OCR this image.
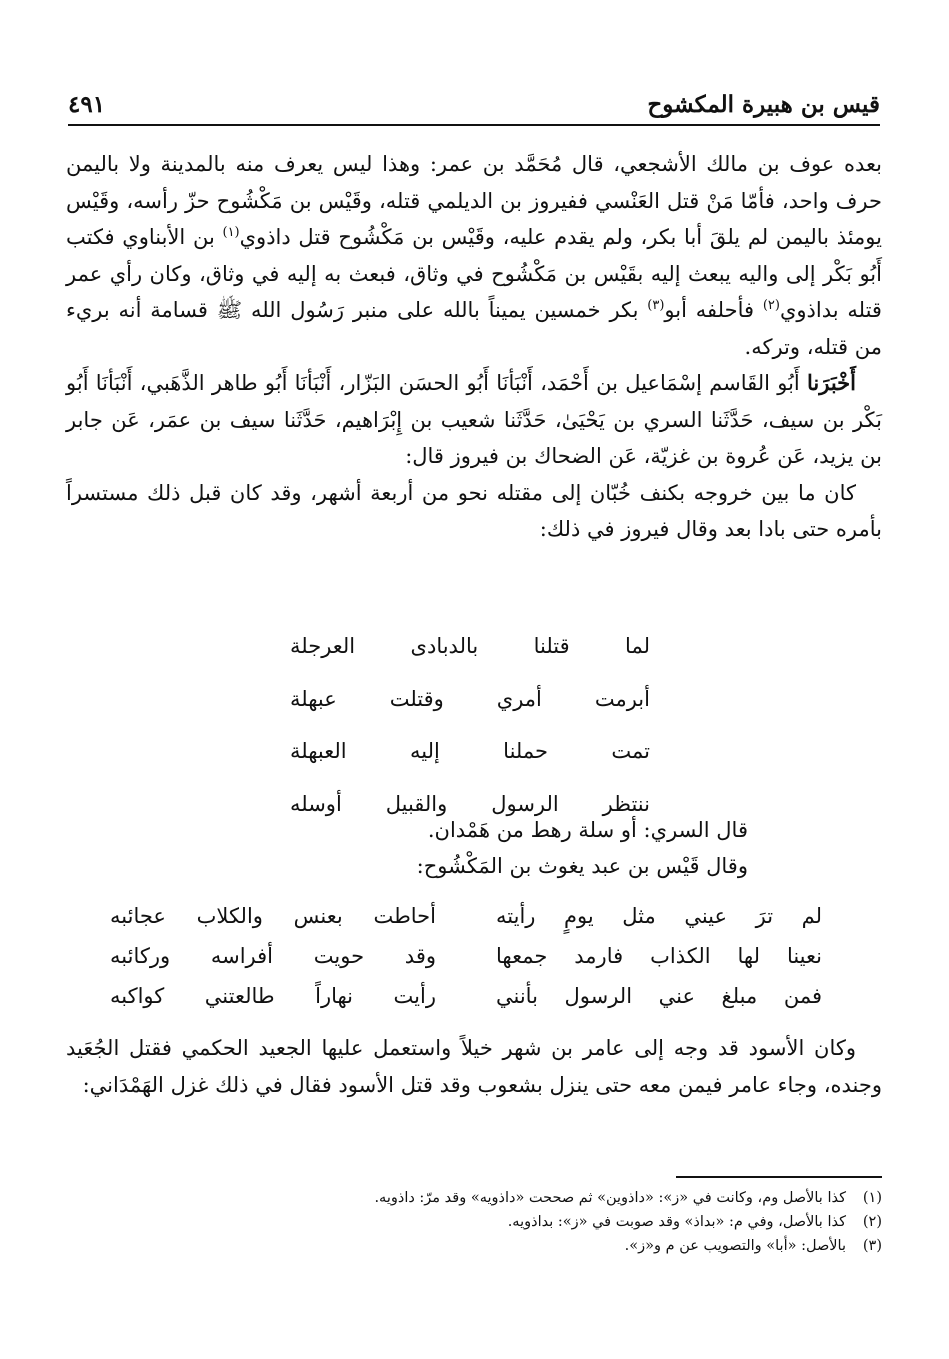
قيس بن هبيرة المكشوح
٤٩١

بعده عوف بن مالك الأشجعي، قال مُحَمَّد بن عمر: وهذا ليس يعرف منه بالمدينة ولا باليمن حرف واحد، فأمّا مَنْ قتل العَنْسي ففيروز بن الديلمي قتله، وقَيْس بن مَكْشُوح حزّ رأسه، وقَيْس يومئذ باليمن لم يلقَ أبا بكر، ولم يقدم عليه، وقَيْس بن مَكْشُوح قتل داذوي$^{(١)}$ بن الأبناوي فكتب أَبُو بَكْر إلى واليه يبعث إليه بقَيْس بن مَكْشُوح في وثاق، فبعث به إليه في وثاق، وكان رأي عمر قتله بداذوي$^{(٢)}$ فأحلفه أبو$^{(٣)}$ بكر خمسين يميناً بالله على منبر رَسُول الله ﷺ قسامة أنه بريء من قتله، وتركه.

أَخْبَرَنا أَبُو القَاسم إسْمَاعيل بن أَحْمَد، أَنْبَأنَا أَبُو الحسَن البَزّار، أَنْبَأنَا أَبُو طاهر الذَّهَبي، أَنْبَأنَا أَبُو بَكْر بن سيف، حَدَّثَنا السري بن يَحْيَىٰ، حَدَّثَنا شعيب بن إِبْرَاهيم، حَدَّثَنا سيف بن عمَر، عَن جابر بن يزيد، عَن عُروة بن غزيّة، عَن الضحاك بن فيروز قال:

كان ما بين خروجه بكنف خُبّان إلى مقتله نحو من أربعة أشهر، وقد كان قبل ذلك مستسراً بأمره حتى بادا بعد وقال فيروز في ذلك:

لما قتلنا بالدبادى العرجلة
أبرمت أمري وقتلت عبهلة
تمت حملنا إليه العبهلة
ننتظر الرسول والقبيل أوسله
قال السري: أو سلة رهط من هَمْدان.
وقال قَيْس بن عبد يغوث بن المَكْشُوح:
لم ترَ عيني مثل يومٍ رأيته
أحاطت بعنس والكلاب عجائبه
نعينا لها الكذاب فارمد جمعها
وقد حويت أفراسه وركائبه
فمن مبلغ عني الرسول بأنني
رأيت نهاراً طالعتني كواكبه

وكان الأسود قد وجه إلى عامر بن شهر خيلاً واستعمل عليها الجعيد الحكمي فقتل الجُعَيد وجنده، وجاء عامر فيمن معه حتى ينزل بشعوب وقد قتل الأسود فقال في ذلك غزل الهَمْدَاني:

(١)
كذا بالأصل وم، وكانت في «ز»: «داذوين» ثم صححت «داذويه» وقد مرّ: داذويه.
(٢)
كذا بالأصل، وفي م: «بداذ» وقد صوبت في «ز»: بداذويه.
(٣)
بالأصل: «أبا» والتصويب عن م و«ز».
